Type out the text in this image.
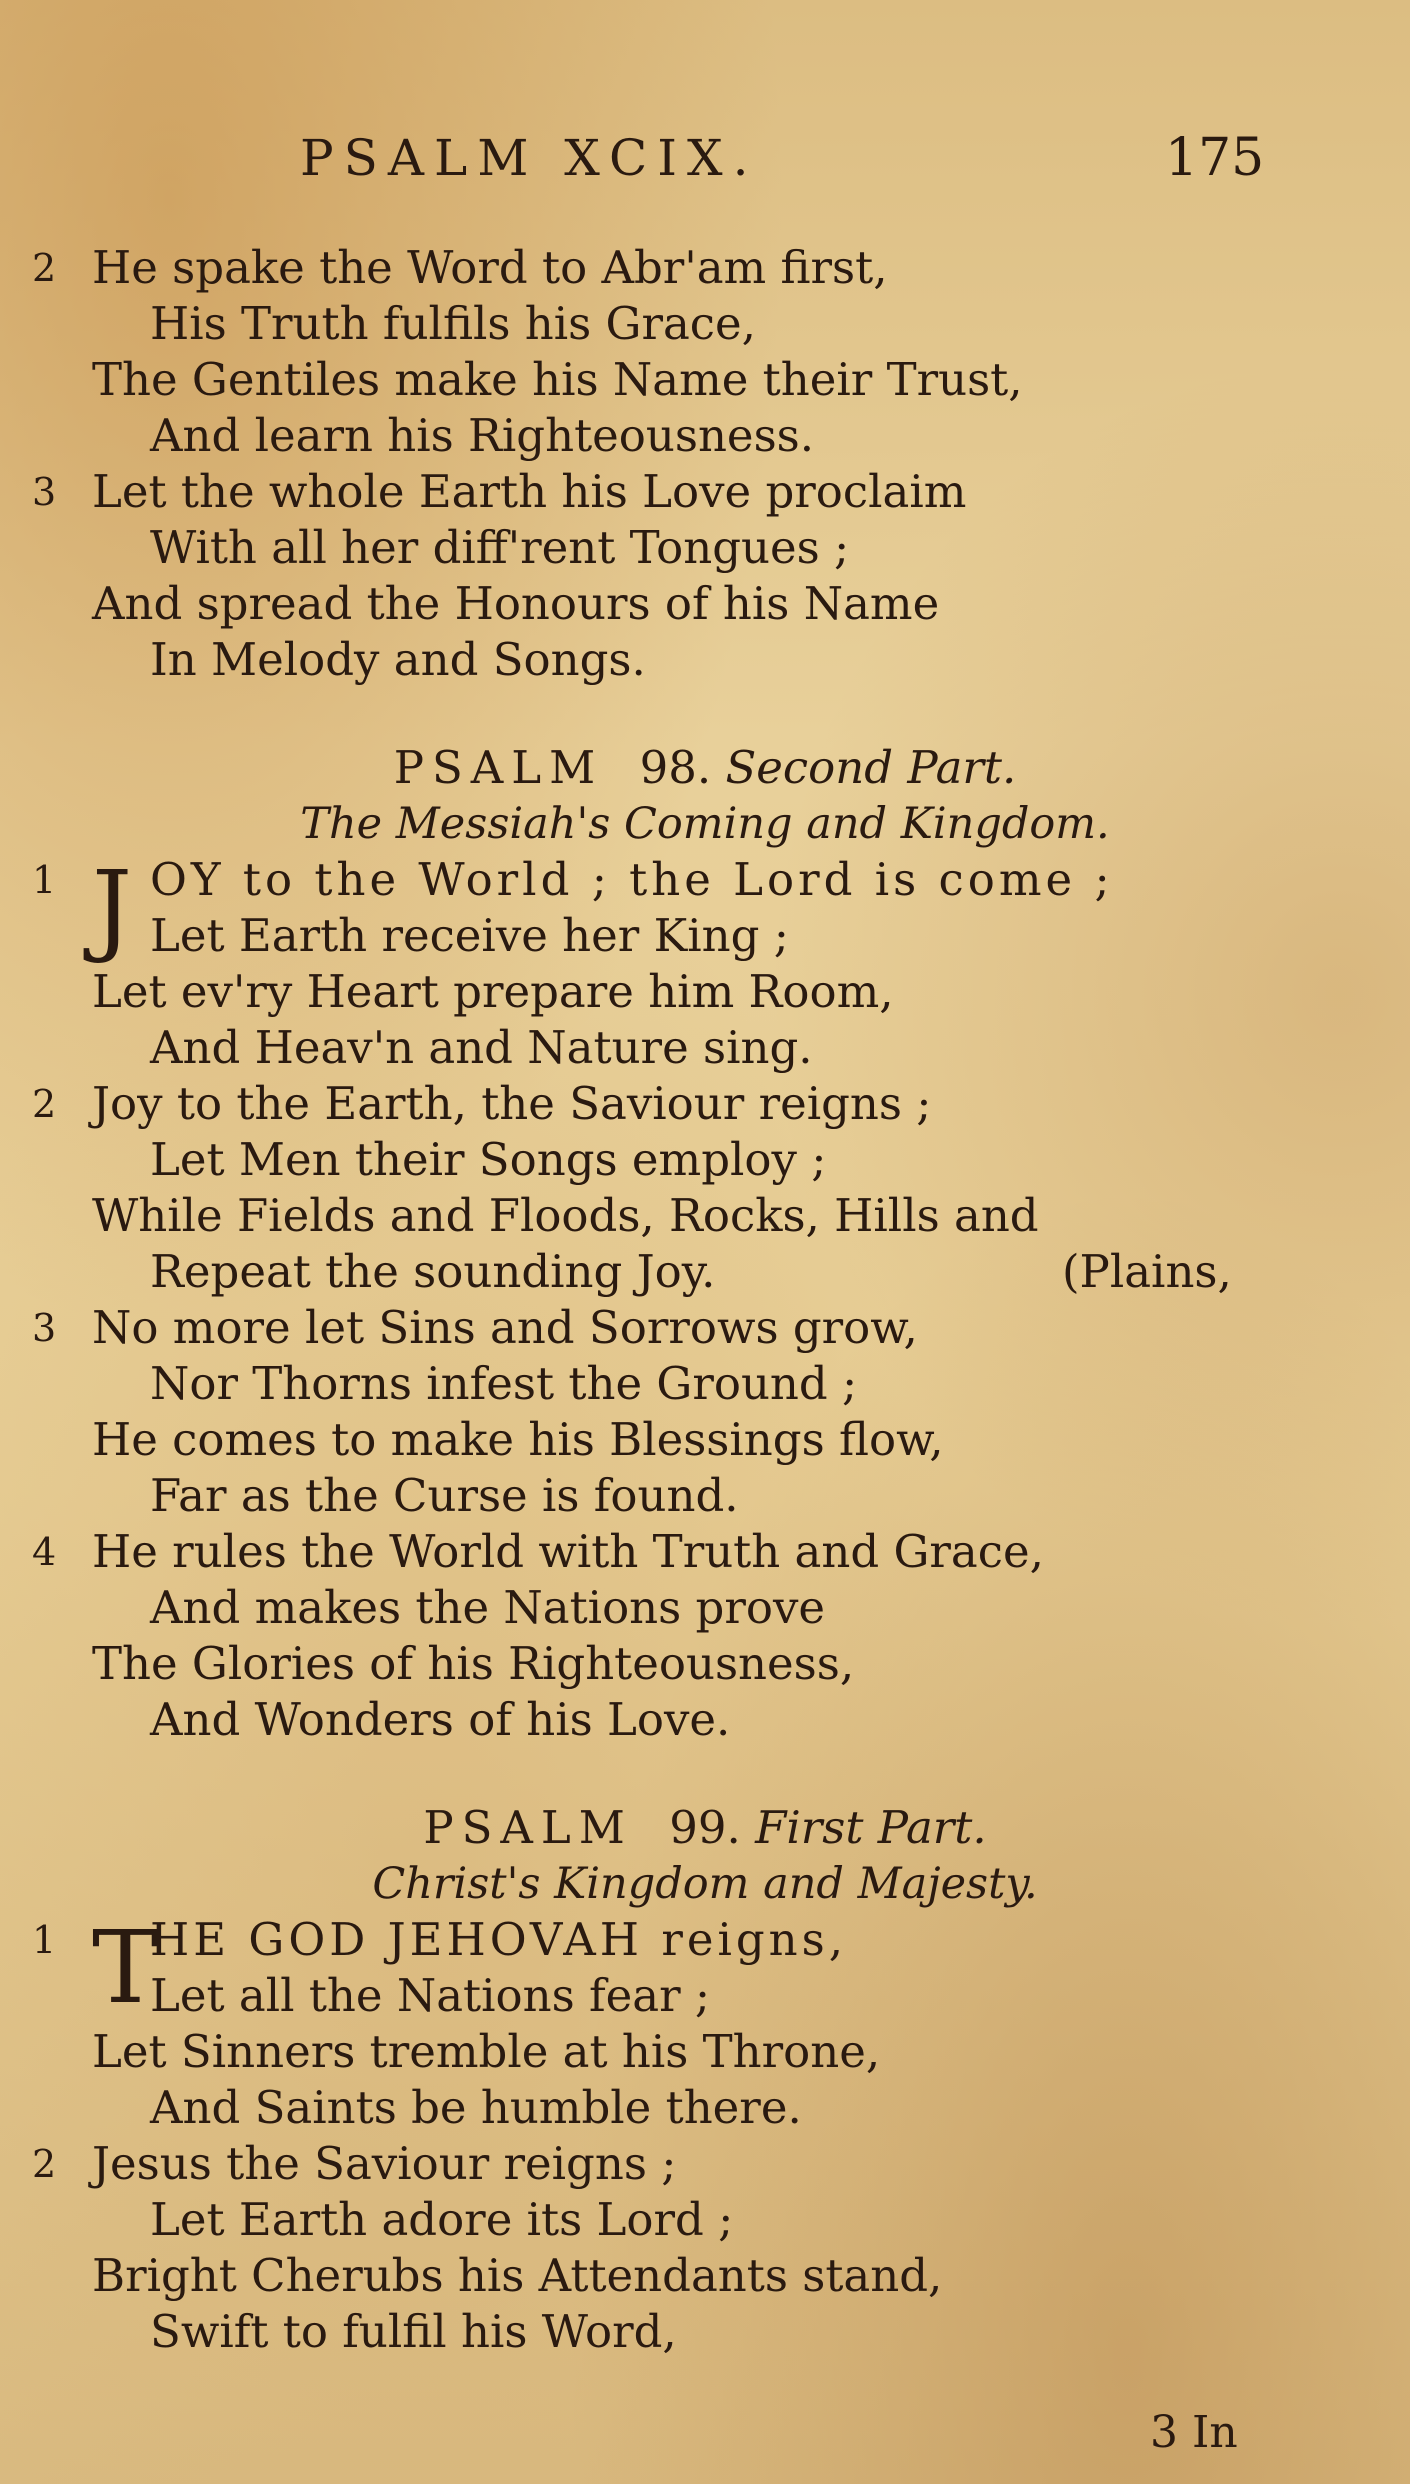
PSALM XCIX.	175
2 He spake the Word to Abr'am first,
His Truth fulfils his Grace,
The Gentiles make his Name their Trust,
And learn his Righteousness.
3 Let the whole Earth his Love proclaim
With all her diff'rent Tongues ;
And spread the Honours of his Name
In Melody and Songs.
PSALM 98. Second Part.
The Messiah's Coming and Kingdom.
1 J OY to the World ; the Lord is come ;
Let Earth receive her King ;
Let ev'ry Heart prepare him Room,
And Heav'n and Nature sing.
2 Joy to the Earth, the Saviour reigns ;
Let Men their Songs employ ;
While Fields and Floods, Rocks, Hills and
Repeat the sounding Joy.	(Plains,
3 No more let Sins and Sorrows grow,
Nor Thorns infest the Ground ;
He comes to make his Blessings flow,
Far as the Curse is found.
4 He rules the World with Truth and Grace,
And makes the Nations prove
The Glories of his Righteousness,
And Wonders of his Love.
PSALM 99. First Part.
Christ's Kingdom and Majesty.
1 T
HE GOD JEHOVAH reigns,
Let all the Nations fear ;
Let Sinners tremble at his Throne,
And Saints be humble there.
2 Jesus the Saviour reigns ;
Let Earth adore its Lord ;
Bright Cherubs his Attendants stand,
Swift to fulfil his Word,
3 In
